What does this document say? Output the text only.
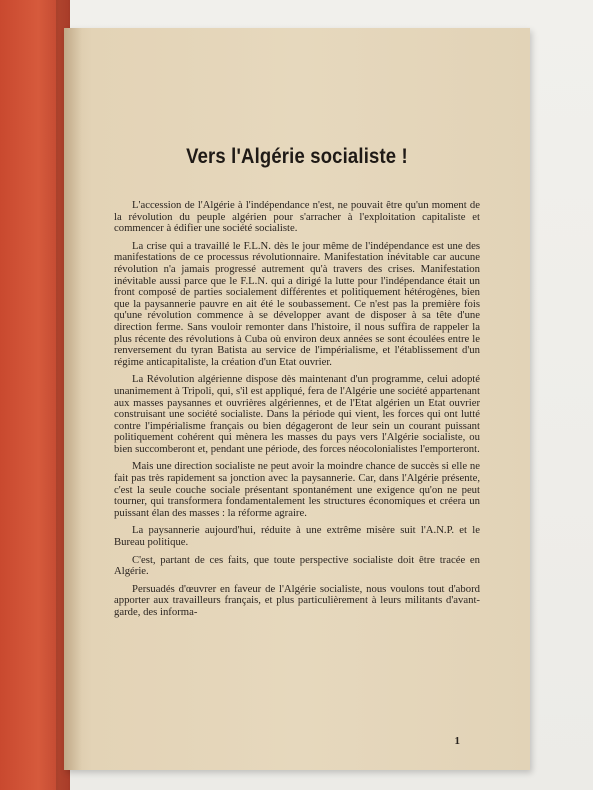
Vers l'Algérie socialiste !

L'accession de l'Algérie à l'indépendance n'est, ne pouvait être qu'un moment de la révolution du peuple algérien pour s'arracher à l'exploitation capitaliste et commencer à édifier une société socialiste.

La crise qui a travaillé le F.L.N. dès le jour même de l'indépendance est une des manifestations de ce processus révolutionnaire. Manifestation inévitable car aucune révolution n'a jamais progressé autrement qu'à travers des crises. Manifestation inévitable aussi parce que le F.L.N. qui a dirigé la lutte pour l'indépendance était un front composé de parties socialement différentes et politiquement hétérogènes, bien que la paysannerie pauvre en ait été le soubassement. Ce n'est pas la première fois qu'une révolution commence à se développer avant de disposer à sa tête d'une direction ferme. Sans vouloir remonter dans l'histoire, il nous suffira de rappeler la plus récente des révolutions à Cuba où environ deux années se sont écoulées entre le renversement du tyran Batista au service de l'impérialisme, et l'établissement d'un régime anticapitaliste, la création d'un Etat ouvrier.

La Révolution algérienne dispose dès maintenant d'un programme, celui adopté unanimement à Tripoli, qui, s'il est appliqué, fera de l'Algérie une société appartenant aux masses paysannes et ouvrières algériennes, et de l'Etat algérien un Etat ouvrier construisant une société socialiste. Dans la période qui vient, les forces qui ont lutté contre l'impérialisme français ou bien dégageront de leur sein un courant puissant politiquement cohérent qui mènera les masses du pays vers l'Algérie socialiste, ou bien succomberont et, pendant une période, des forces néocolonialistes l'emporteront.

Mais une direction socialiste ne peut avoir la moindre chance de succès si elle ne fait pas très rapidement sa jonction avec la paysannerie. Car, dans l'Algérie présente, c'est la seule couche sociale présentant spontanément une exigence qu'on ne peut tourner, qui transformera fondamentalement les structures économiques et créera un puissant élan des masses : la réforme agraire.

La paysannerie aujourd'hui, réduite à une extrême misère suit l'A.N.P. et le Bureau politique.

C'est, partant de ces faits, que toute perspective socialiste doit être tracée en Algérie.

Persuadés d'œuvrer en faveur de l'Algérie socialiste, nous voulons tout d'abord apporter aux travailleurs français, et plus particulièrement à leurs militants d'avant-garde, des informa-

1
